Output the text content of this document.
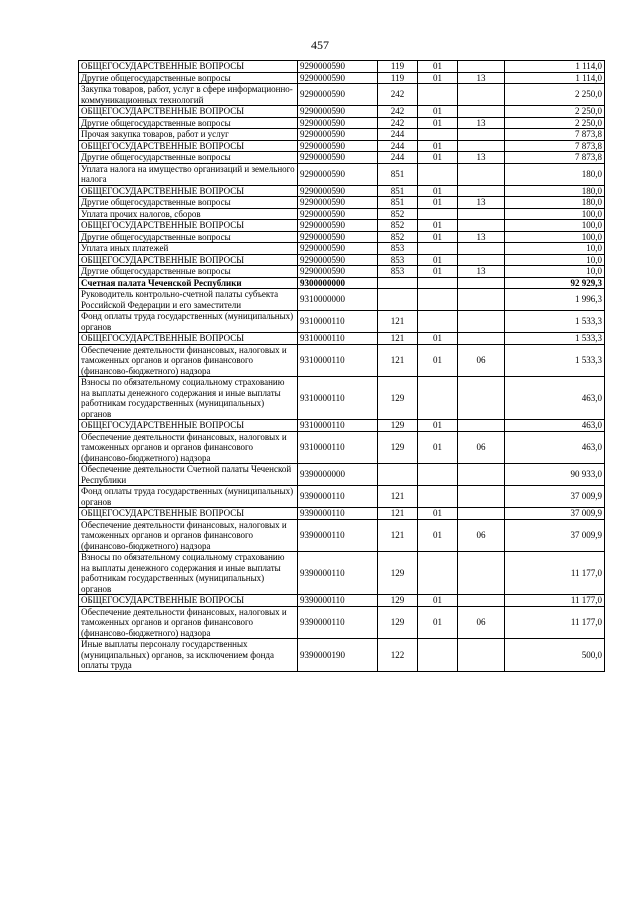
457
ОБЩЕГОСУДАРСТВЕННЫЕ ВОПРОСЫ	9290000590	119	01		1 114,0
Другие общегосударственные вопросы	9290000590	119	01	13	1 114,0
Закупка товаров, работ, услуг в сфере информационно-коммуникационных технологий	9290000590	242			2 250,0
ОБЩЕГОСУДАРСТВЕННЫЕ ВОПРОСЫ	9290000590	242	01		2 250,0
Другие общегосударственные вопросы	9290000590	242	01	13	2 250,0
Прочая закупка товаров, работ и услуг	9290000590	244			7 873,8
ОБЩЕГОСУДАРСТВЕННЫЕ ВОПРОСЫ	9290000590	244	01		7 873,8
Другие общегосударственные вопросы	9290000590	244	01	13	7 873,8
Уплата налога на имущество организаций и земельного налога	9290000590	851			180,0
ОБЩЕГОСУДАРСТВЕННЫЕ ВОПРОСЫ	9290000590	851	01		180,0
Другие общегосударственные вопросы	9290000590	851	01	13	180,0
Уплата прочих налогов, сборов	9290000590	852			100,0
ОБЩЕГОСУДАРСТВЕННЫЕ ВОПРОСЫ	9290000590	852	01		100,0
Другие общегосударственные вопросы	9290000590	852	01	13	100,0
Уплата иных платежей	9290000590	853			10,0
ОБЩЕГОСУДАРСТВЕННЫЕ ВОПРОСЫ	9290000590	853	01		10,0
Другие общегосударственные вопросы	9290000590	853	01	13	10,0
Счетная палата Чеченской Республики	9300000000				92 929,3
Руководитель контрольно-счетной палаты субъекта Российской Федерации и его заместители	9310000000				1 996,3
Фонд оплаты труда государственных (муниципальных) органов	9310000110	121			1 533,3
ОБЩЕГОСУДАРСТВЕННЫЕ ВОПРОСЫ	9310000110	121	01		1 533,3
Обеспечение деятельности финансовых, налоговых и таможенных органов и органов финансового (финансово-бюджетного) надзора	9310000110	121	01	06	1 533,3
Взносы по обязательному социальному страхованию на выплаты денежного содержания и иные выплаты работникам государственных (муниципальных) органов	9310000110	129			463,0
ОБЩЕГОСУДАРСТВЕННЫЕ ВОПРОСЫ	9310000110	129	01		463,0
Обеспечение деятельности финансовых, налоговых и таможенных органов и органов финансового (финансово-бюджетного) надзора	9310000110	129	01	06	463,0
Обеспечение деятельности Счетной палаты Чеченской Республики	9390000000				90 933,0
Фонд оплаты труда государственных (муниципальных) органов	9390000110	121			37 009,9
ОБЩЕГОСУДАРСТВЕННЫЕ ВОПРОСЫ	9390000110	121	01		37 009,9
Обеспечение деятельности финансовых, налоговых и таможенных органов и органов финансового (финансово-бюджетного) надзора	9390000110	121	01	06	37 009,9
Взносы по обязательному социальному страхованию на выплаты денежного содержания и иные выплаты работникам государственных (муниципальных) органов	9390000110	129			11 177,0
ОБЩЕГОСУДАРСТВЕННЫЕ ВОПРОСЫ	9390000110	129	01		11 177,0
Обеспечение деятельности финансовых, налоговых и таможенных органов и органов финансового (финансово-бюджетного) надзора	9390000110	129	01	06	11 177,0
Иные выплаты персоналу государственных (муниципальных) органов, за исключением фонда оплаты труда	9390000190	122			500,0
